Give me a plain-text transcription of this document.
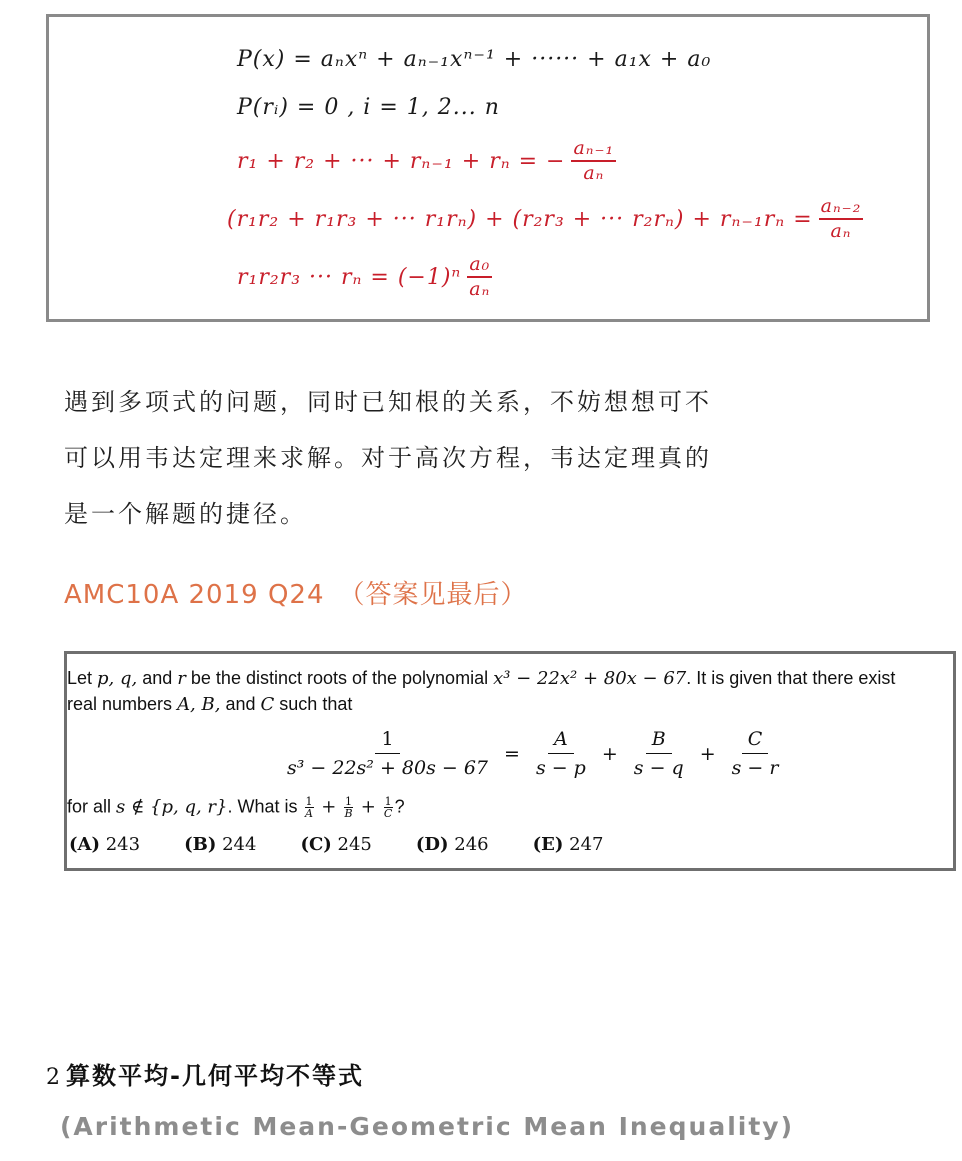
P(x) = aₙxⁿ + aₙ₋₁xⁿ⁻¹ + ······ + a₁x + a₀
P(rᵢ) = 0 , i = 1, 2... n
r₁ + r₂ + ··· + rₙ₋₁ + rₙ = − $\frac{\text{aₙ₋₁}}{\text{aₙ}}$
(r₁r₂ + r₁r₃ + ··· r₁rₙ) + (r₂r₃ + ··· $r_2r_n) + r_{n-1}r_n = \frac{\text{aₙ₋₂}}{\text{aₙ}}$
r₁r₂r₃ ··· $r_n = (-1)^n \frac{\text{a₀}}{\text{aₙ}}$
遇到多项式的问题，同时已知根的关系，不妨想想可不
可以用韦达定理来求解。对于高次方程，韦达定理真的
是一个解题的捷径。
AMC10A 2019 Q24　（答案见最后）
Let p, q, and r be the distinct roots of the polynomial x³ − 22x² + 80x − 67. It is given that there exist
real numbers A, B, and C such that
$\frac{1}{\text{s³ − 22s² + 80s − 67}} = \frac{A}{s - p} + \frac{B}{s - q} + \frac{C}{s - r}$
for all s ∉ {p, q, r}. What is $\frac{1}{A} + \frac{1}{B} + \frac{1}{C}$ ?
(A) 243 (B) 244 (C) 245 (D) 246 (E) 247
2 算数平均-几何平均不等式
(Arithmetic Mean-Geometric Mean Inequality)
